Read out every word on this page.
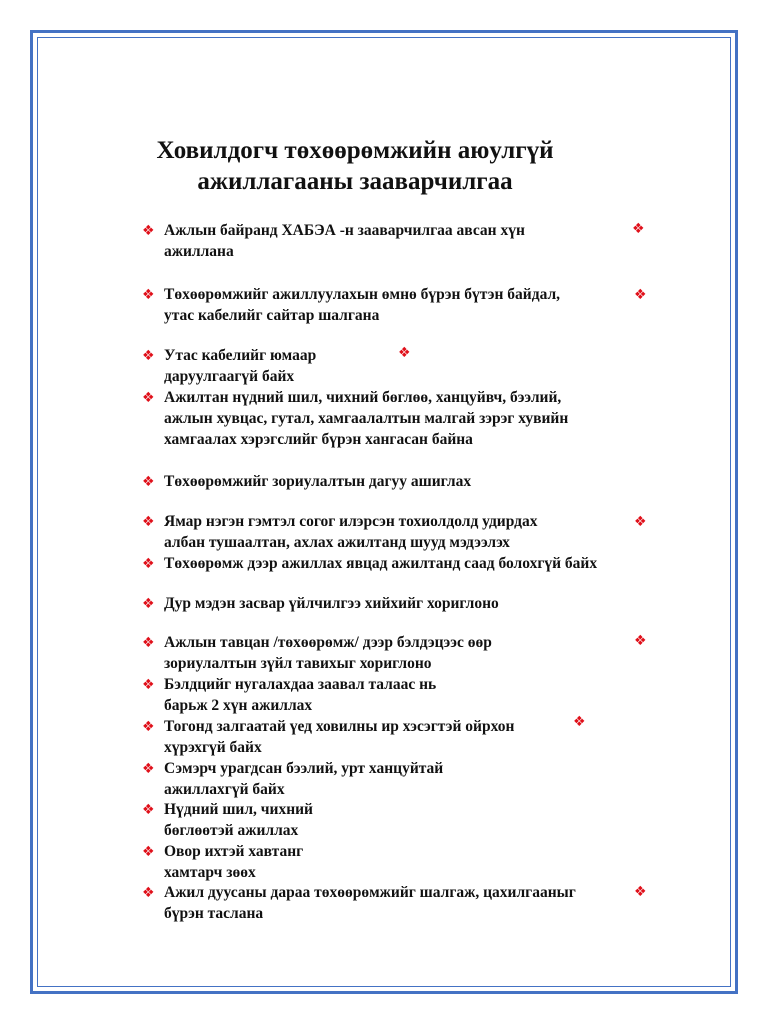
Ховилдогч төхөөрөмжийн аюулгүй
ажиллагааны зааварчилгаа
❖ Ажлын байранд ХАБЭА -н зааварчилгаа авсан хүн
ажиллана
❖ Төхөөрөмжийг ажиллуулахын өмнө бүрэн бүтэн байдал,
утас кабелийг сайтар шалгана
❖ Утас кабелийг юмаар
даруулгаагүй байх
❖ Ажилтан нүдний шил, чихний бөглөө, ханцуйвч, бээлий,
ажлын хувцас, гутал, хамгаалалтын малгай зэрэг хувийн
хамгаалах хэрэгслийг бүрэн хангасан байна
❖ Төхөөрөмжийг зориулалтын дагуу ашиглах
❖ Ямар нэгэн гэмтэл согог илэрсэн тохиолдолд удирдах
албан тушаалтан, ахлах ажилтанд шууд мэдээлэх
❖ Төхөөрөмж дээр ажиллах явцад ажилтанд саад болохгүй байх
❖ Дур мэдэн засвар үйлчилгээ хийхийг хориглоно
❖ Ажлын тавцан /төхөөрөмж/ дээр бэлдэцээс өөр
зориулалтын зүйл тавихыг хориглоно
❖ Бэлдцийг нугалахдаа заавал талаас нь
барьж 2 хүн ажиллах
❖ Тогонд залгаатай үед ховилны ир хэсэгтэй ойрхон
хүрэхгүй байх
❖ Сэмэрч урагдсан бээлий, урт ханцуйтай
ажиллахгүй байх
❖ Нүдний шил, чихний
бөглөөтэй ажиллах
❖ Овор ихтэй хавтанг
хамтарч зөөх
❖ Ажил дуусаны дараа төхөөрөмжийг шалгаж, цахилгааныг
бүрэн таслана
❖
❖
❖
❖
❖
❖
❖
